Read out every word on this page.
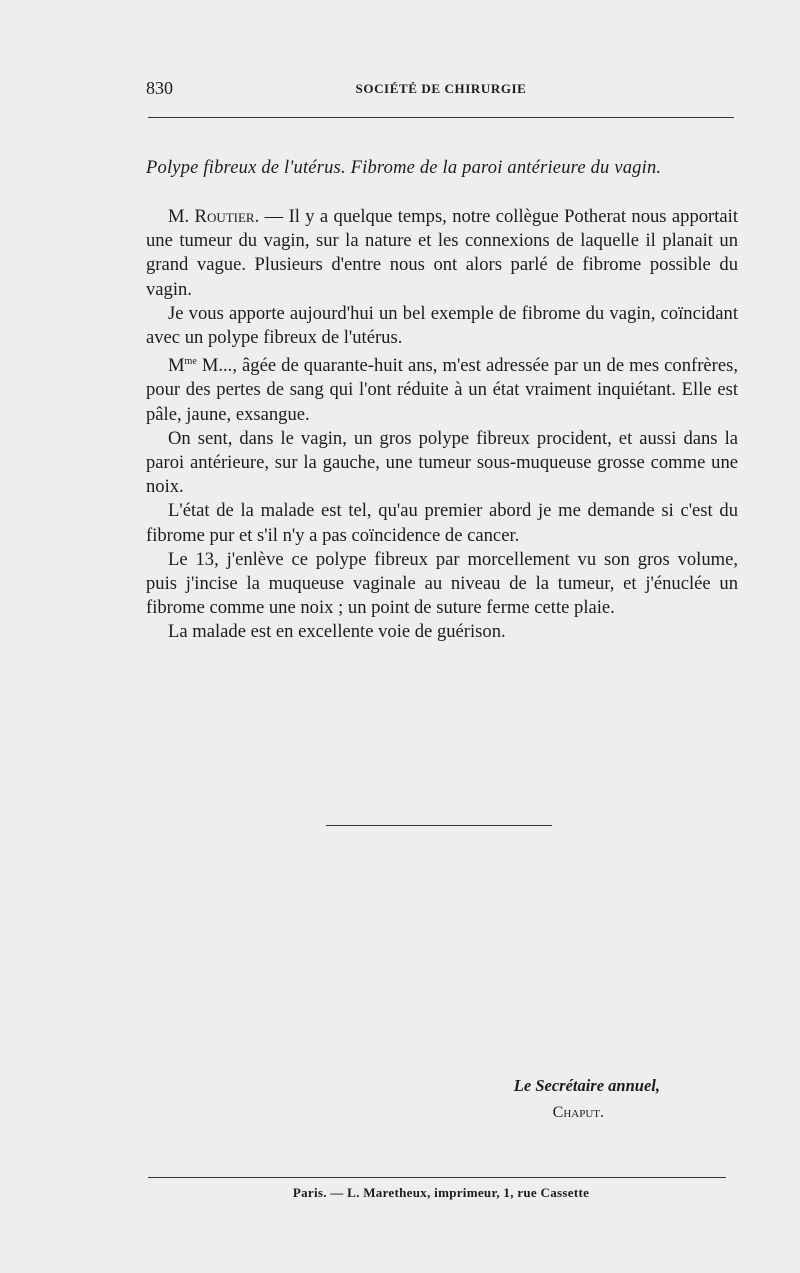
830	SOCIÉTÉ DE CHIRURGIE
Polype fibreux de l'utérus. Fibrome de la paroi antérieure du vagin.

M. Routier. — Il y a quelque temps, notre collègue Potherat nous apportait une tumeur du vagin, sur la nature et les connexions de laquelle il planait un grand vague. Plusieurs d'entre nous ont alors parlé de fibrome possible du vagin.

Je vous apporte aujourd'hui un bel exemple de fibrome du vagin, coïncidant avec un polype fibreux de l'utérus.

$M^{me}$ M..., âgée de quarante-huit ans, m'est adressée par un de mes confrères, pour des pertes de sang qui l'ont réduite à un état vraiment inquiétant. Elle est pâle, jaune, exsangue.

On sent, dans le vagin, un gros polype fibreux procident, et aussi dans la paroi antérieure, sur la gauche, une tumeur sous-muqueuse grosse comme une noix.

L'état de la malade est tel, qu'au premier abord je me demande si c'est du fibrome pur et s'il n'y a pas coïncidence de cancer.

Le 13, j'enlève ce polype fibreux par morcellement vu son gros volume, puis j'incise la muqueuse vaginale au niveau de la tumeur, et j'énuclée un fibrome comme une noix ; un point de suture ferme cette plaie.

La malade est en excellente voie de guérison.

Le Secrétaire annuel,
Chaput.
Paris. — L. Maretheux, imprimeur, 1, rue Cassette
